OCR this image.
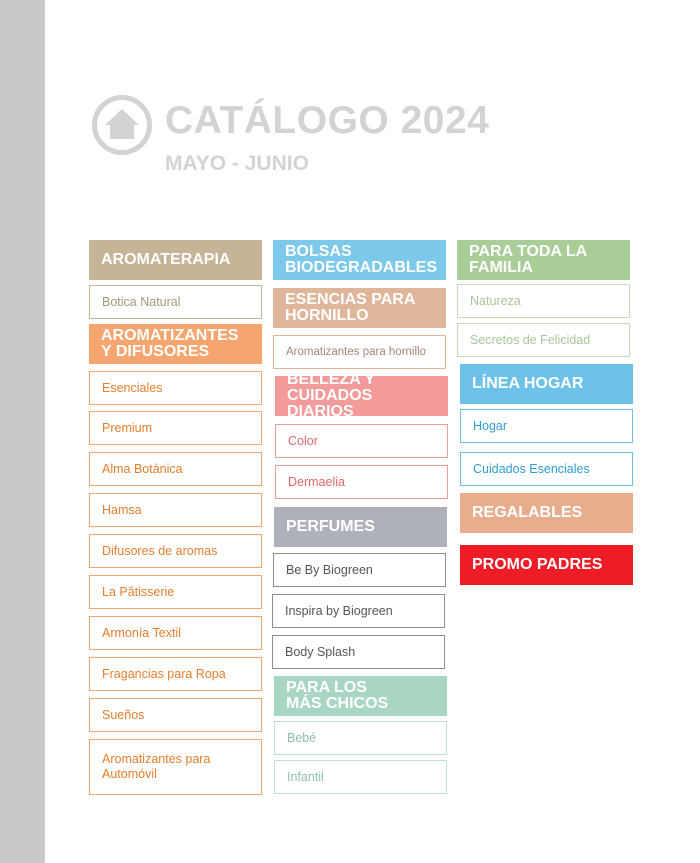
CATÁLOGO 2024
MAYO - JUNIO
AROMATERAPIA
Botica Natural
AROMATIZANTES
Y DIFUSORES
Esenciales
Premium
Alma Botánica
Hamsa
Difusores de aromas
La Pâtisserie
Armonía Textil
Fragancias para Ropa
Sueños
Aromatizantes para
Automóvil
BOLSAS
BIODEGRADABLES
ESENCIAS PARA
HORNILLO
Aromatizantes para hornillo
BELLEZA Y
CUIDADOS DIARIOS
Color
Dermaelia
PERFUMES
Be By Biogreen
Inspira by Biogreen
Body Splash
PARA LOS
MÁS CHICOS
Bebé
Infantil
PARA TODA LA
FAMILIA
Natureza
Secretos de Felicidad
LÍNEA HOGAR
Hogar
Cuidados Esenciales
REGALABLES
PROMO PADRES
